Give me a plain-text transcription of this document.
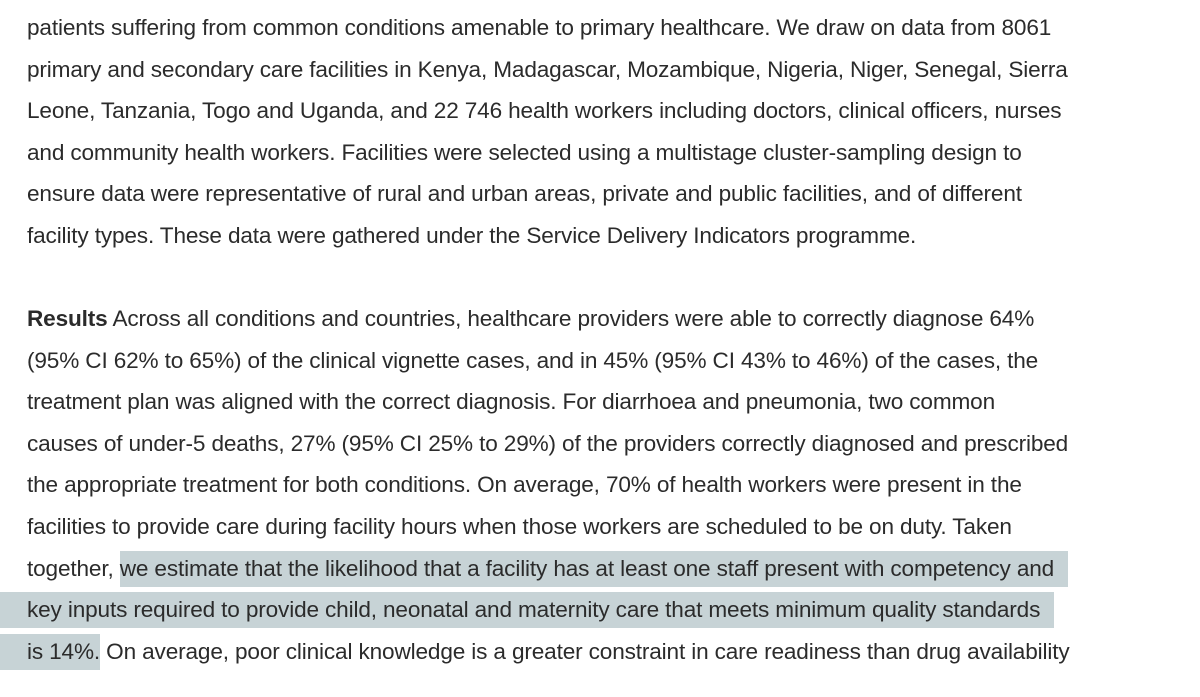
patients suffering from common conditions amenable to primary healthcare. We draw on data from 8061
primary and secondary care facilities in Kenya, Madagascar, Mozambique, Nigeria, Niger, Senegal, Sierra
Leone, Tanzania, Togo and Uganda, and 22 746 health workers including doctors, clinical officers, nurses
and community health workers. Facilities were selected using a multistage cluster-sampling design to
ensure data were representative of rural and urban areas, private and public facilities, and of different
facility types. These data were gathered under the Service Delivery Indicators programme.
Results Across all conditions and countries, healthcare providers were able to correctly diagnose 64%
(95% CI 62% to 65%) of the clinical vignette cases, and in 45% (95% CI 43% to 46%) of the cases, the
treatment plan was aligned with the correct diagnosis. For diarrhoea and pneumonia, two common
causes of under-5 deaths, 27% (95% CI 25% to 29%) of the providers correctly diagnosed and prescribed
the appropriate treatment for both conditions. On average, 70% of health workers were present in the
facilities to provide care during facility hours when those workers are scheduled to be on duty. Taken
together, we estimate that the likelihood that a facility has at least one staff present with competency and
key inputs required to provide child, neonatal and maternity care that meets minimum quality standards
is 14%. On average, poor clinical knowledge is a greater constraint in care readiness than drug availability
